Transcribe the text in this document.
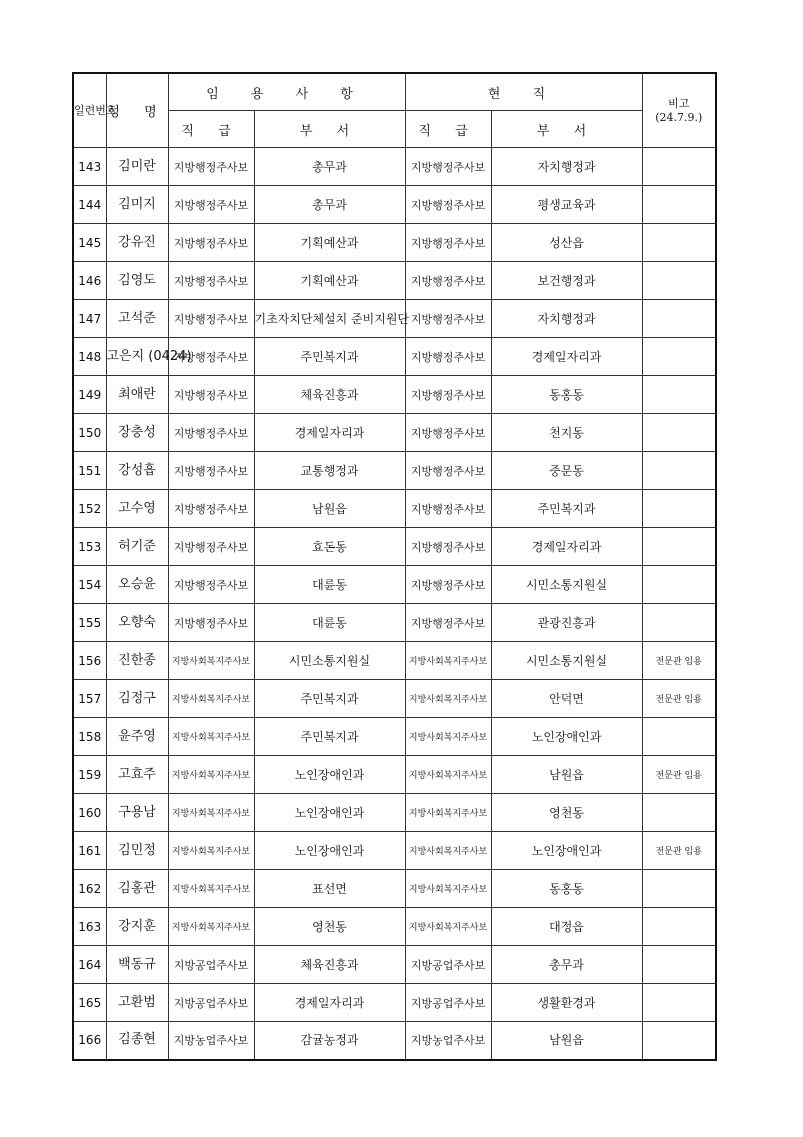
일련번호	성 명	임 용 사 항		현 직		비고
(24.7.9.)

		직 급	부 서	직 급	부 서	
143	김미란	지방행정주사보	총무과	지방행정주사보	자치행정과	
144	김미지	지방행정주사보	총무과	지방행정주사보	평생교육과	
145	강유진	지방행정주사보	기획예산과	지방행정주사보	성산읍	
146	김영도	지방행정주사보	기획예산과	지방행정주사보	보건행정과	
147	고석준	지방행정주사보	기초자치단체설치 준비지원단	지방행정주사보	자치행정과	
148	고은지 (0424)	지방행정주사보	주민복지과	지방행정주사보	경제일자리과	
149	최애란	지방행정주사보	체육진흥과	지방행정주사보	동홍동	
150	장충성	지방행정주사보	경제일자리과	지방행정주사보	천지동	
151	강성흡	지방행정주사보	교통행정과	지방행정주사보	중문동	
152	고수영	지방행정주사보	남원읍	지방행정주사보	주민복지과	
153	허기준	지방행정주사보	효돈동	지방행정주사보	경제일자리과	
154	오승윤	지방행정주사보	대륜동	지방행정주사보	시민소통지원실	
155	오향숙	지방행정주사보	대륜동	지방행정주사보	관광진흥과	
156	진한종	지방사회복지주사보	시민소통지원실	지방사회복지주사보	시민소통지원실	전문관 임용
157	김정구	지방사회복지주사보	주민복지과	지방사회복지주사보	안덕면	전문관 임용
158	윤주영	지방사회복지주사보	주민복지과	지방사회복지주사보	노인장애인과	
159	고효주	지방사회복지주사보	노인장애인과	지방사회복지주사보	남원읍	전문관 임용
160	구용남	지방사회복지주사보	노인장애인과	지방사회복지주사보	영천동	
161	김민정	지방사회복지주사보	노인장애인과	지방사회복지주사보	노인장애인과	전문관 임용
162	김홍관	지방사회복지주사보	표선면	지방사회복지주사보	동홍동	
163	강지훈	지방사회복지주사보	영천동	지방사회복지주사보	대정읍	
164	백동규	지방공업주사보	체육진흥과	지방공업주사보	총무과	
165	고환범	지방공업주사보	경제일자리과	지방공업주사보	생활환경과	
166	김종현	지방농업주사보	감귤농정과	지방농업주사보	남원읍	
